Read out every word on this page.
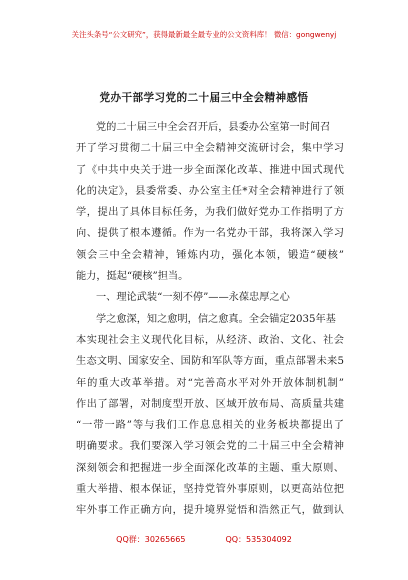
关注头条号“公文研究”，获得最新最全最专业的公文资料库！ 微信：gongwenyj
党办干部学习党的二十届三中全会精神感悟
党的二十届三中全会召开后，县委办公室第一时间召
开了学习贯彻二十届三中全会精神交流研讨会，集中学习
了《中共中央关于进一步全面深化改革、推进中国式现代
化的决定》，县委常委、办公室主任*对全会精神进行了领
学，提出了具体目标任务，为我们做好党办工作指明了方
向、提供了根本遵循。作为一名党办干部，我将深入学习
领会三中全会精神，锤炼内功，强化本领，锻造“硬核”
能力，挺起“硬核”担当。
一、理论武装“一刻不停”——永葆忠厚之心
学之愈深，知之愈明，信之愈真。全会锚定2035年基
本实现社会主义现代化目标，从经济、政治、文化、社会
生态文明、国家安全、国防和军队等方面，重点部署未来5
年的重大改革举措。对“完善高水平对外开放体制机制”
作出了部署，对制度型开放、区域开放布局、高质量共建
“一带一路”等与我们工作息息相关的业务板块都提出了
明确要求。我们要深入学习领会党的二十届三中全会精神
深刻领会和把握进一步全面深化改革的主题、重大原则、
重大举措、根本保证，坚持党管外事原则，以更高站位把
牢外事工作正确方向，提升境界觉悟和浩然正气，做到认
QQ群：30265665	QQ：535304092
